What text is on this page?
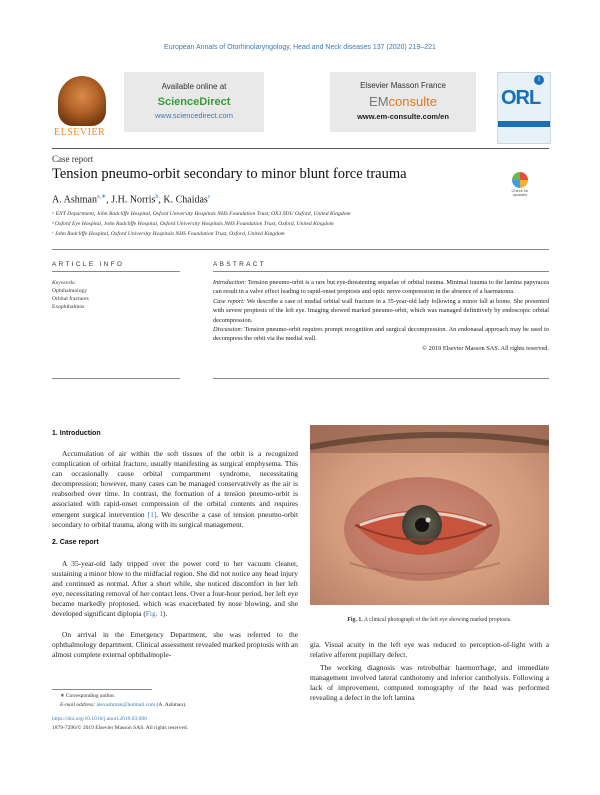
European Annals of Otorhinolaryngology, Head and Neck diseases 137 (2020) 219–221
ELSEVIER
Available online at
ScienceDirect
www.sciencedirect.com
Elsevier Masson France
EMconsulte
www.em-consulte.com/en
i
ORL
Case report
Tension pneumo-orbit secondary to minor blunt force trauma
Check for updates
A. Ashman$^{a,∗}$, J.H. Norris$^b$, K. Chaidas$^c$
ᵃ ENT Department, John Radcliffe Hospital, Oxford University Hospitals NHS Foundation Trust, OX3 9DU Oxford, United Kingdom
ᵇ Oxford Eye Hospital, John Radcliffe Hospital, Oxford University Hospitals NHS Foundation Trust, Oxford, United Kingdom
ᶜ John Radcliffe Hospital, Oxford University Hospitals NHS Foundation Trust, Oxford, United Kingdom
ARTICLE INFO
Keywords:
Ophthalmology
Orbital fractures
Exophthalmos
ABSTRACT
Introduction: Tension pneumo-orbit is a rare but eye-threatening sequelae of orbital trauma. Minimal trauma to the lamina papyracea can result in a valve effect leading to rapid-onset proptosis and optic nerve compression in the absence of a haematoma.
Case report: We describe a case of medial orbital wall fracture in a 35-year-old lady following a minor fall at home. She presented with severe proptosis of the left eye. Imaging showed marked pneumo-orbit, which was managed definitively by endoscopic orbital decompression.
Discussion: Tension pneumo-orbit requires prompt recognition and surgical decompression. An endonasal approach may be used to decompress the orbit via the medial wall.
© 2019 Elsevier Masson SAS. All rights reserved.
1. Introduction
Accumulation of air within the soft tissues of the orbit is a recognized complication of orbital fracture, usually manifesting as surgical emphysema. This can occasionally cause orbital compartment syndrome, necessitating decompression; however, many cases can be managed conservatively as the air is reabsorbed over time. In contrast, the formation of a tension pneumo-orbit is associated with rapid-onset compression of the orbital contents and requires emergent surgical intervention [1]. We describe a case of tension pneumo-orbit secondary to orbital trauma, along with its surgical management.
2. Case report
A 35-year-old lady tripped over the power cord to her vacuum cleaner, sustaining a minor blow to the midfacial region. She did not notice any head injury and continued as normal. After a short while, she noticed discomfort in her left eye, necessitating removal of her contact lens. Over a four-hour period, her left eye became markedly proptosed, which was exacerbated by nose blowing, and she developed significant diplopia (Fig. 1).
On arrival in the Emergency Department, she was referred to the ophthalmology department. Clinical assessment revealed marked proptosis with an almost complete external ophthalmople-
Fig. 1. A clinical photograph of the left eye showing marked proptosis.
gia. Visual acuity in the left eye was reduced to perception-of-light with a relative afferent pupillary defect.
The working diagnosis was retrobulbar haemorrhage, and immediate management involved lateral canthotomy and inferior cantholysis. Following a lack of improvement, computed tomography of the head was performed revealing a defect in the left lamina
∗ Corresponding author.
E-mail address: alexashman@hotmail.com (A. Ashman).
https://doi.org/10.1016/j.anorl.2019.03.006
1879-7296/© 2019 Elsevier Masson SAS. All rights reserved.
